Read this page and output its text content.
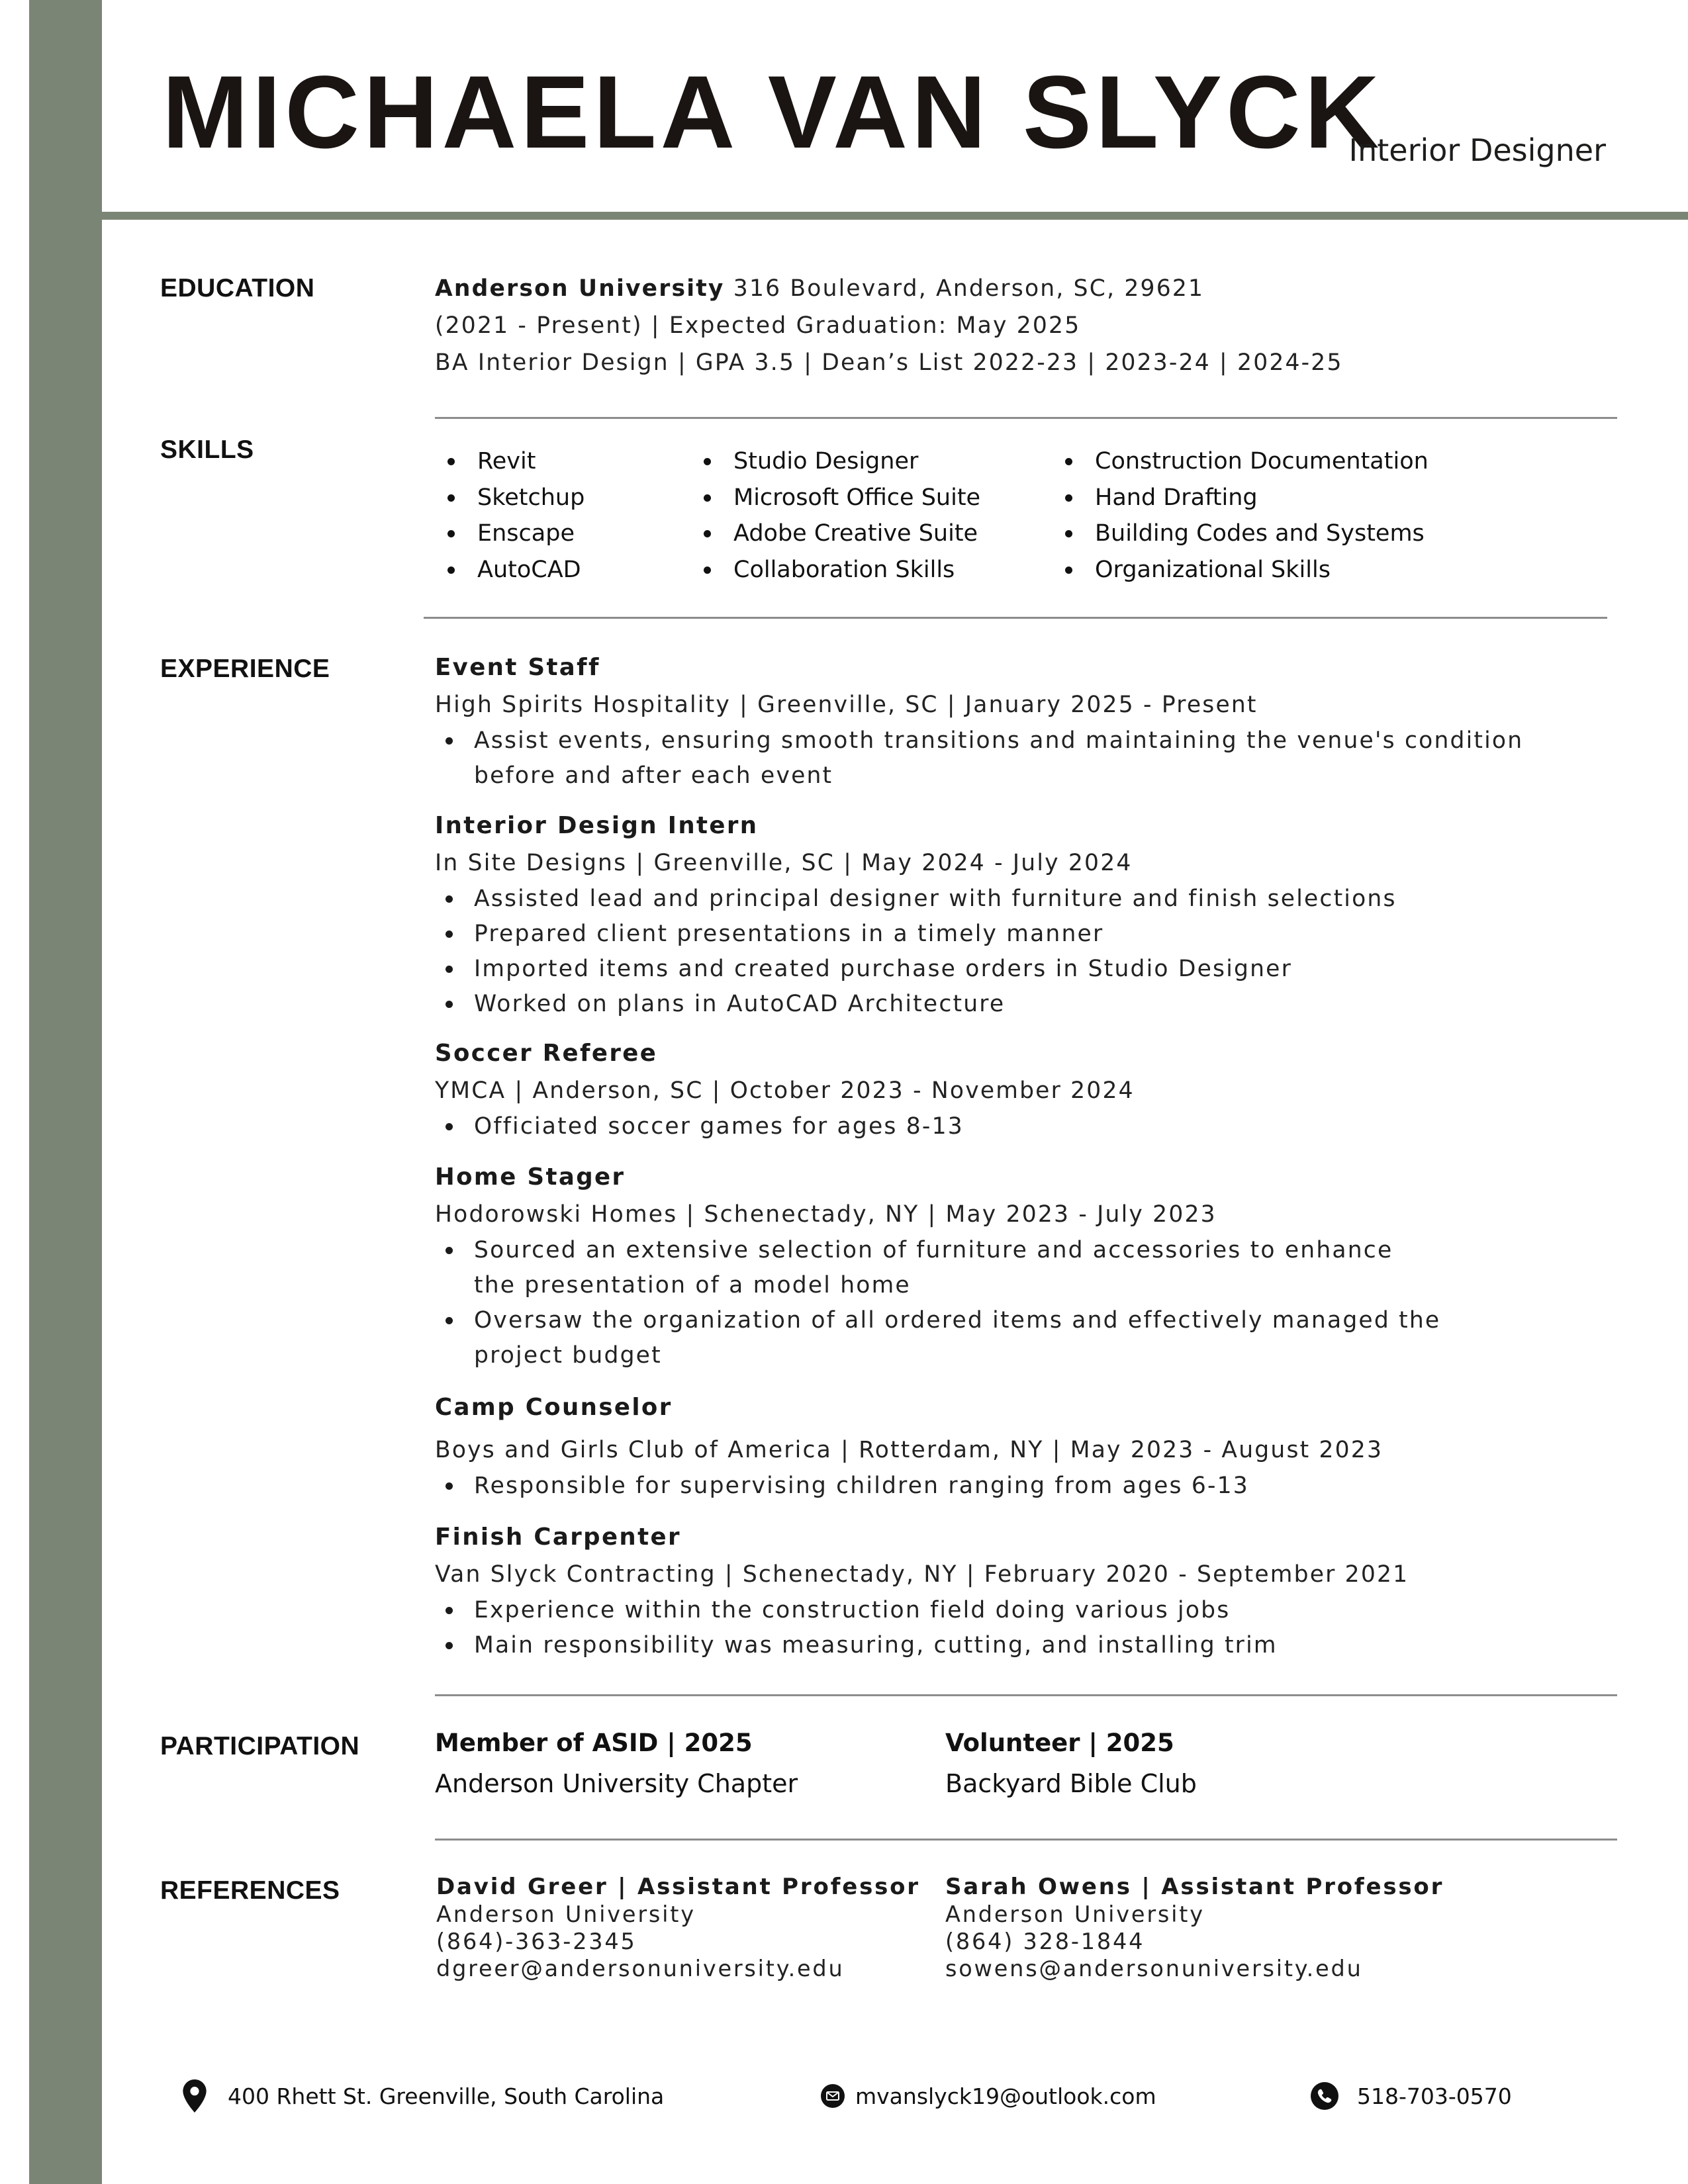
MICHAELA VAN SLYCK
Interior Designer
EDUCATION	Anderson University 316 Boulevard, Anderson, SC, 29621
(2021 - Present) | Expected Graduation: May 2025
BA Interior Design | GPA 3.5 | Dean’s List 2022-23 | 2023-24 | 2024-25
SKILLS	Revit
Sketchup
Enscape
AutoCAD
Studio Designer
Microsoft Office Suite
Adobe Creative Suite
Collaboration Skills
Construction Documentation
Hand Drafting
Building Codes and Systems
Organizational Skills
EXPERIENCE	Event Staff
High Spirits Hospitality | Greenville, SC | January 2025 - Present
Assist events, ensuring smooth transitions and maintaining the venue's condition before and after each event
Interior Design Intern
In Site Designs | Greenville, SC | May 2024 - July 2024
Assisted lead and principal designer with furniture and finish selections
Prepared client presentations in a timely manner
Imported items and created purchase orders in Studio Designer
Worked on plans in AutoCAD Architecture
Soccer Referee
YMCA | Anderson, SC | October 2023 - November 2024
Officiated soccer games for ages 8-13
Home Stager
Hodorowski Homes | Schenectady, NY | May 2023 - July 2023
Sourced an extensive selection of furniture and accessories to enhance the presentation of a model home
Oversaw the organization of all ordered items and effectively managed the project budget
Camp Counselor
Boys and Girls Club of America | Rotterdam, NY | May 2023 - August 2023
Responsible for supervising children ranging from ages 6-13
Finish Carpenter
Van Slyck Contracting | Schenectady, NY | February 2020 - September 2021
Experience within the construction field doing various jobs
Main responsibility was measuring, cutting, and installing trim
PARTICIPATION	Member of ASID | 2025
Anderson University Chapter
Volunteer | 2025
Backyard Bible Club
REFERENCES	David Greer | Assistant Professor
Anderson University
(864)-363-2345
dgreer@andersonuniversity.edu
Sarah Owens | Assistant Professor
Anderson University
(864) 328-1844
sowens@andersonuniversity.edu
400 Rhett St. Greenville, South Carolina	mvanslyck19@outlook.com	518-703-0570
